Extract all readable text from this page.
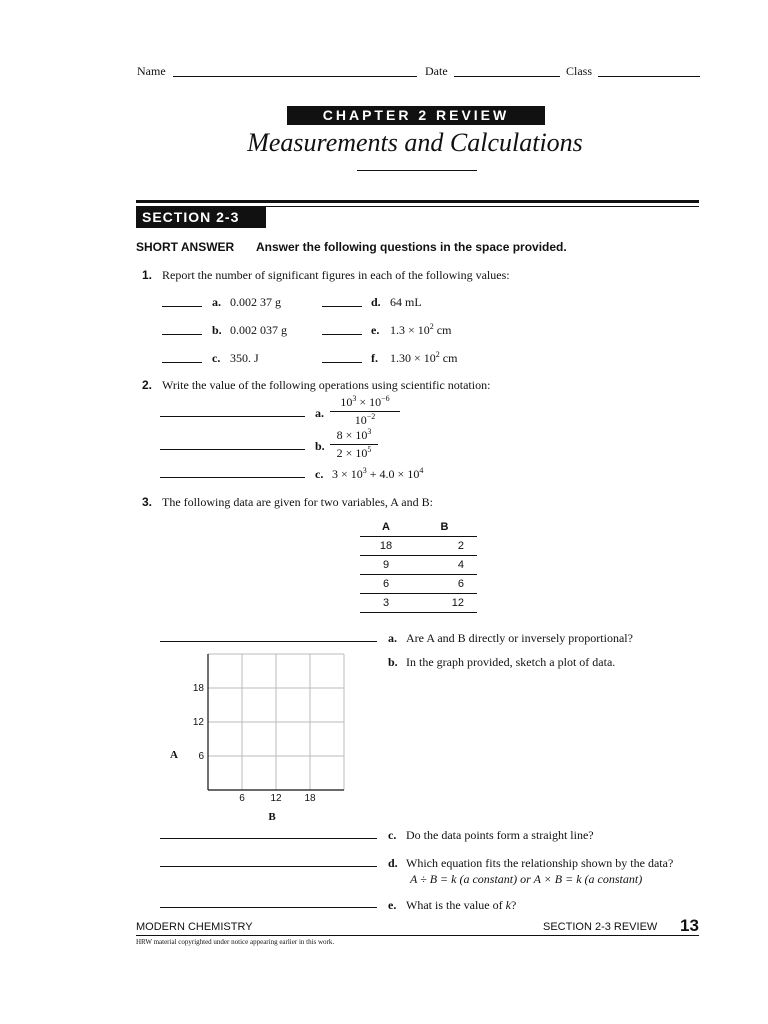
Name	Date	Class
CHAPTER 2 REVIEW
Measurements and Calculations
SECTION 2-3
SHORT ANSWER Answer the following questions in the space provided.
1. Report the number of significant figures in each of the following values:
a. 0.002 37 g	d. 64 mL
b. 0.002 037 g	e. $1.3 \times 10^2$ cm
c. 350. J	f. $1.30 \times 10^2$ cm
2. Write the value of the following operations using scientific notation:
a. $\frac{10^3 \times 10^{-6}}{10^{-2}}$
b. $\frac{8 \times 10^3}{2 \times 10^5}$
c. $3 \times 10^3 + 4.0 \times 10^4$
3. The following data are given for two variables, A and B:
A	B
18	2
9	4
6	6
3	12
a. Are A and B directly or inversely proportional?
b. In the graph provided, sketch a plot of data.
18
12
6
6	12 18
A
B
c. Do the data points form a straight line?
d. Which equation fits the relationship shown by the data?
A ÷ B = k (a constant) or A × B = k (a constant)
e. What is the value of k?
MODERN CHEMISTRY	SECTION 2-3 REVIEW 13
HRW material copyrighted under notice appearing earlier in this work.
